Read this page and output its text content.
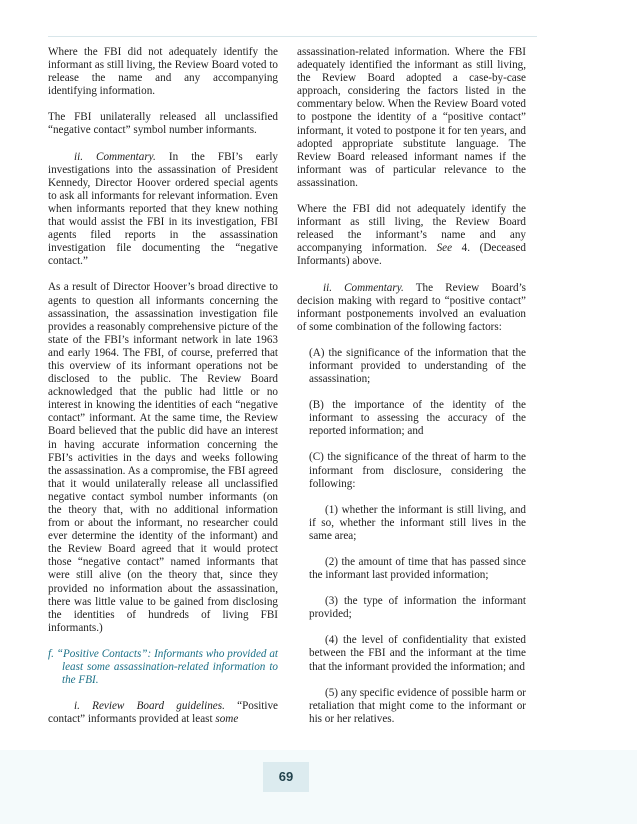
Where the FBI did not adequately identify the informant as still living, the Review Board voted to release the name and any accompanying identifying information.

The FBI unilaterally released all unclassified “negative contact” symbol number informants.

ii. Commentary. In the FBI’s early investigations into the assassination of President Kennedy, Director Hoover ordered special agents to ask all informants for relevant information. Even when informants reported that they knew nothing that would assist the FBI in its investigation, FBI agents filed reports in the assassination investigation file documenting the “negative contact.”

As a result of Director Hoover’s broad directive to agents to question all informants concerning the assassination, the assassination investigation file provides a reasonably comprehensive picture of the state of the FBI’s informant network in late 1963 and early 1964. The FBI, of course, preferred that this overview of its informant operations not be disclosed to the public. The Review Board acknowledged that the public had little or no interest in knowing the identities of each “negative contact” informant. At the same time, the Review Board believed that the public did have an interest in having accurate information concerning the FBI’s activities in the days and weeks following the assassination. As a compromise, the FBI agreed that it would unilaterally release all unclassified negative contact symbol number informants (on the theory that, with no additional information from or about the informant, no researcher could ever determine the identity of the informant) and the Review Board agreed that it would protect those “negative contact” named informants that were still alive (on the theory that, since they provided no information about the assassination, there was little value to be gained from disclosing the identities of hundreds of living FBI informants.)

f. “Positive Contacts”: Informants who provided at least some assassination-related information to the FBI.

i. Review Board guidelines. “Positive contact” informants provided at least some

assassination-related information. Where the FBI adequately identified the informant as still living, the Review Board adopted a case-by-case approach, considering the factors listed in the commentary below. When the Review Board voted to postpone the identity of a “positive contact” informant, it voted to postpone it for ten years, and adopted appropriate substitute language. The Review Board released informant names if the informant was of particular relevance to the assassination.

Where the FBI did not adequately identify the informant as still living, the Review Board released the informant’s name and any accompanying information. See 4. (Deceased Informants) above.

ii. Commentary. The Review Board’s decision making with regard to “positive contact” informant postponements involved an evaluation of some combination of the following factors:

(A) the significance of the information that the informant provided to understanding of the assassination;

(B) the importance of the identity of the informant to assessing the accuracy of the reported information; and

(C) the significance of the threat of harm to the informant from disclosure, considering the following:

(1) whether the informant is still living, and if so, whether the informant still lives in the same area;

(2) the amount of time that has passed since the informant last provided information;

(3) the type of information the informant provided;

(4) the level of confidentiality that existed between the FBI and the informant at the time that the informant provided the information; and

(5) any specific evidence of possible harm or retaliation that might come to the informant or his or her relatives.

69
